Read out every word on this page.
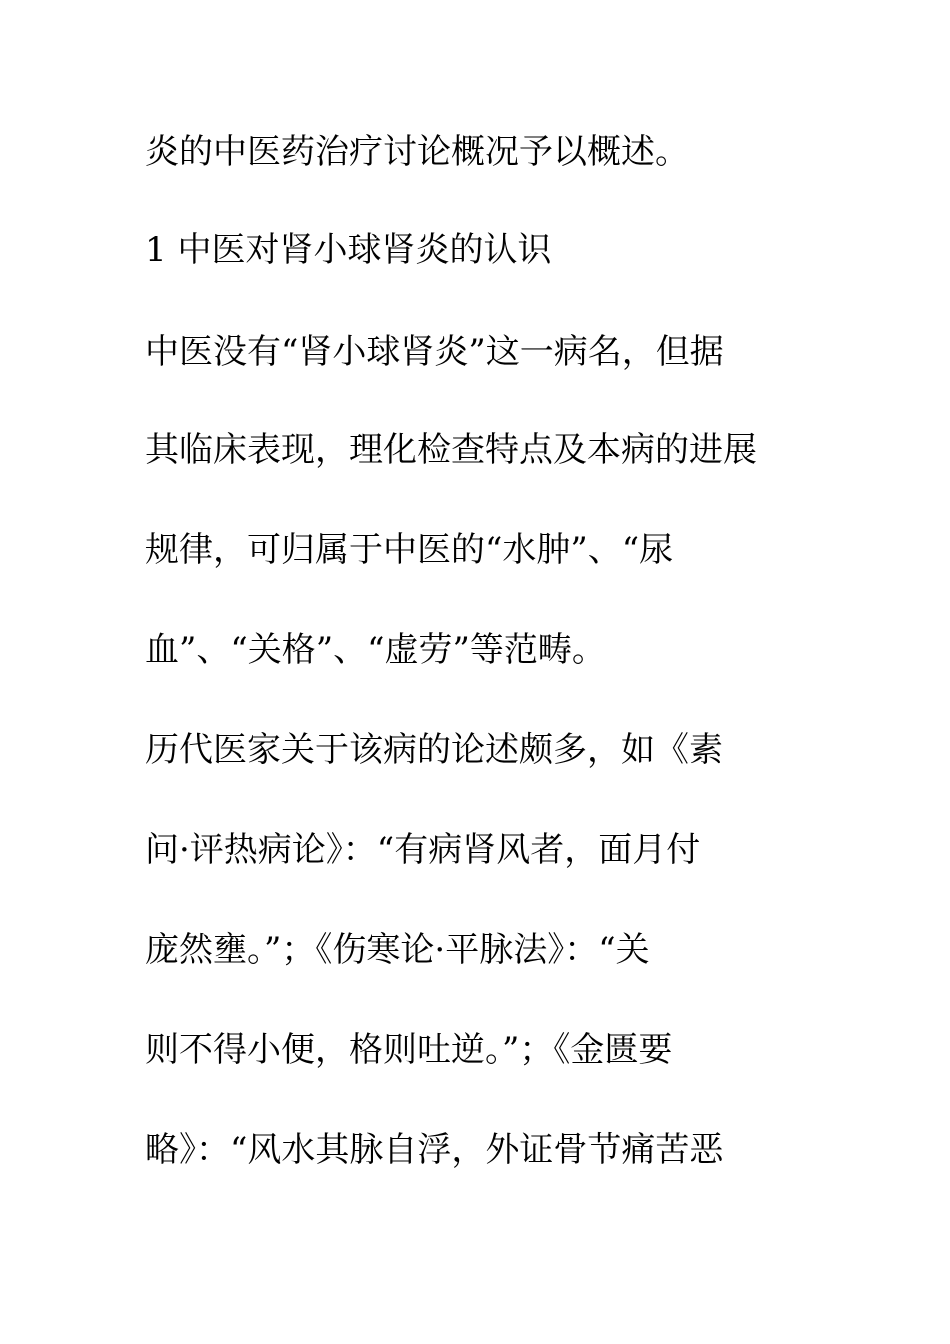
炎的中医药治疗讨论概况予以概述。
1 中医对肾小球肾炎的认识
中医没有“肾小球肾炎”这一病名，但据
其临床表现，理化检查特点及本病的进展
规律，可归属于中医的“水肿”、“尿
血”、“关格”、“虚劳”等范畴。
历代医家关于该病的论述颇多，如《素
问·评热病论》：“有病肾风者，面月付
庞然壅。”；《伤寒论·平脉法》：“关
则不得小便，格则吐逆。”；《金匮要
略》：“风水其脉自浮，外证骨节痛苦恶
